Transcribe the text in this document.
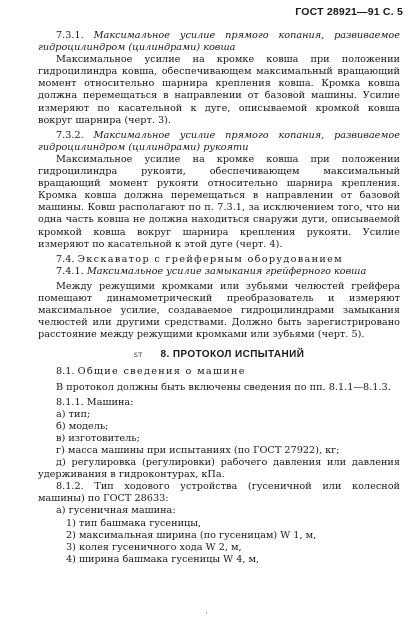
ГОСТ 28921—91 С. 5

7.3.1. Максимальное усилие прямого копания, развиваемое гидроцилиндром (цилиндрами) ковша

Максимальное усилие на кромке ковша при положении гидроцилиндра ковша, обеспечивающем максимальный вращающий момент относительно шарнира крепления ковша. Кромка ковша должна перемещаться в направлении от базовой машины. Усилие измеряют по касательной к дуге, описываемой кромкой ковша вокруг шарнира (черт. 3).

7.3.2. Максимальное усилие прямого копания, развиваемое гидроцилиндром (цилиндрами) рукояти

Максимальное усилие на кромке ковша при положении гидроцилиндра рукояти, обеспечивающем максимальный вращающий момент рукояти относительно шарнира крепления. Кромка ковша должна перемещаться в направлении от базовой машины. Ковш располагают по п. 7.3.1, за исключением того, что ни одна часть ковша не должна находиться снаружи дуги, описываемой кромкой ковша вокруг шарнира крепления рукояти. Усилие измеряют по касательной к этой дуге (черт. 4).

7.4. Экскаватор с грейферным оборудованием

7.4.1. Максимальное усилие замыкания грейферного ковша

Между режущими кромками или зубьями челюстей грейфера помещают динамометрический преобразователь и измеряют максимальное усилие, создаваемое гидроцилиндрами замыкания челюстей или другими средствами. Должно быть зарегистрировано расстояние между режущими кромками или зубьями (черт. 5).

ѕт 8. ПРОТОКОЛ ИСПЫТАНИЙ

8.1. Общие сведения о машине

В протокол должны быть включены сведения по пп. 8.1.1—8.1.3.

8.1.1. Машина:

а) тип;

б) модель;

в) изготовитель;

г) масса машины при испытаниях (по ГОСТ 27922), кг;

д) регулировка (регулировки) рабочего давления или давления удерживания в гидроконтурах, кПа.

8.1.2. Тип ходового устройства (гусеничной или колесной машины) по ГОСТ 28633:

а) гусеничная машина:

1) тип башмака гусеницы,

2) максимальная ширина (по гусеницам) W 1, м,

3) колея гусеничного хода W 2, м,

4) ширина башмака гусеницы W 4, м,

·
